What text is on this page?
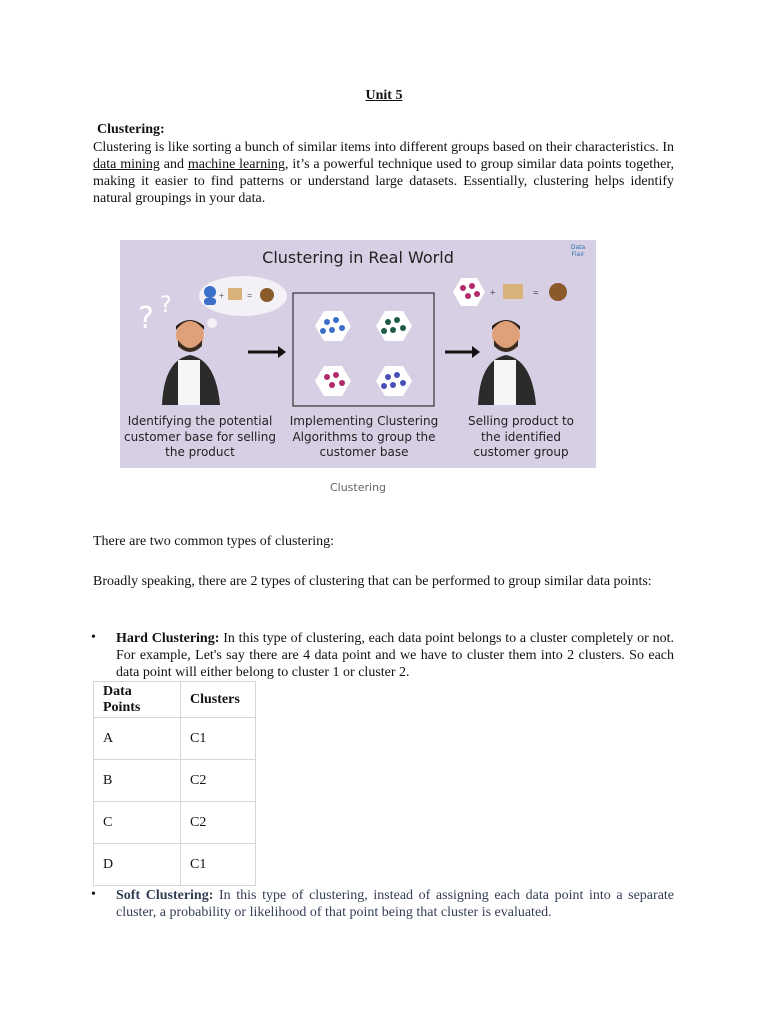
Unit 5
Clustering:
Clustering is like sorting a bunch of similar items into different groups based on their characteristics. In data mining and machine learning, it’s a powerful technique used to group similar data points together, making it easier to find patterns or understand large datasets. Essentially, clustering helps identify natural groupings in your data.
Clustering in Real World
Data Flair
+	=
? ?	+	=
Identifying the potential customer base for selling the product
Implementing Clustering Algorithms to group the customer base
Selling product to the identified customer group
Clustering
There are two common types of clustering:
Broadly speaking, there are 2 types of clustering that can be performed to group similar data points:
• Hard Clustering: In this type of clustering, each data point belongs to a cluster completely or not. For example, Let's say there are 4 data point and we have to cluster them into 2 clusters. So each data point will either belong to cluster 1 or cluster 2.
Data Points	Clusters
A	C1
B	C2
C	C2
D	C1
• Soft Clustering: In this type of clustering, instead of assigning each data point into a separate cluster, a probability or likelihood of that point being that cluster is evaluated.
